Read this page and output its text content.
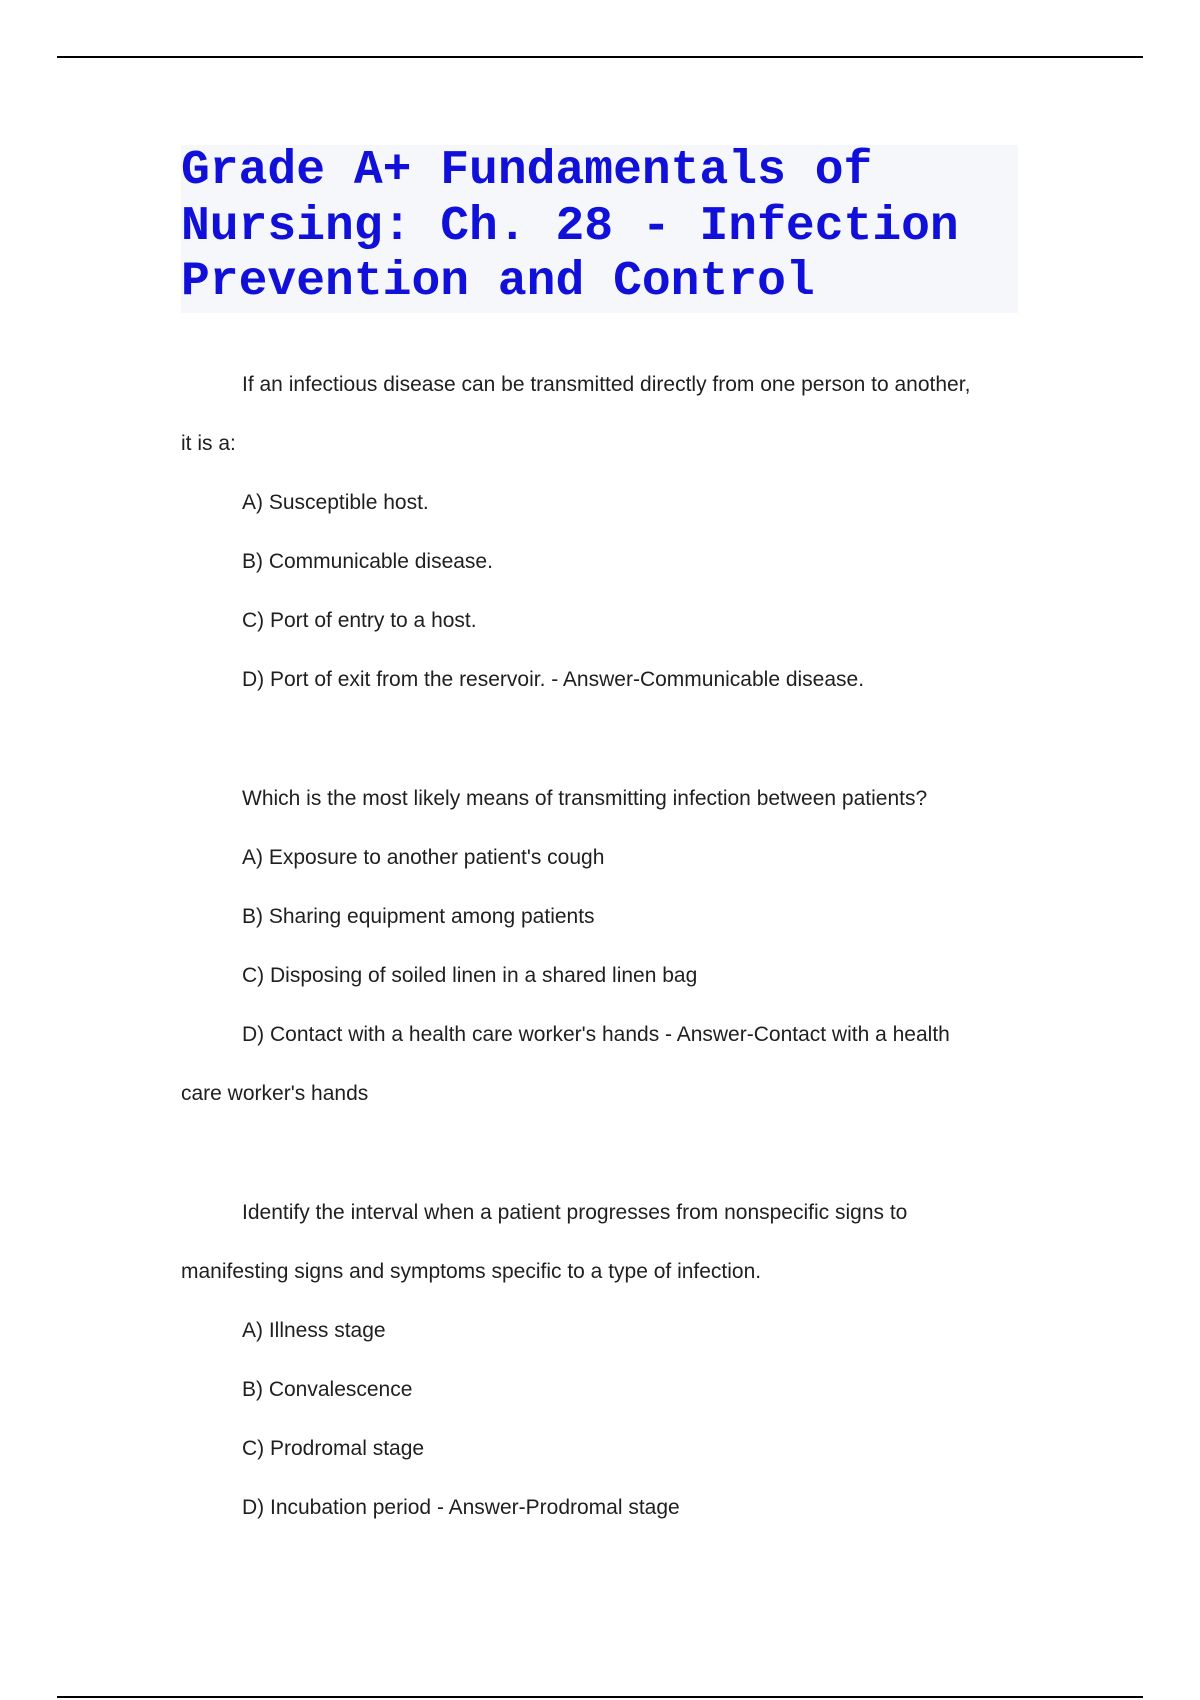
Grade A+ Fundamentals of
Nursing: Ch. 28 - Infection
Prevention and Control
If an infectious disease can be transmitted directly from one person to another,
it is a:
A) Susceptible host.
B) Communicable disease.
C) Port of entry to a host.
D) Port of exit from the reservoir. - Answer-Communicable disease.
Which is the most likely means of transmitting infection between patients?
A) Exposure to another patient's cough
B) Sharing equipment among patients
C) Disposing of soiled linen in a shared linen bag
D) Contact with a health care worker's hands - Answer-Contact with a health
care worker's hands
Identify the interval when a patient progresses from nonspecific signs to
manifesting signs and symptoms specific to a type of infection.
A) Illness stage
B) Convalescence
C) Prodromal stage
D) Incubation period - Answer-Prodromal stage
